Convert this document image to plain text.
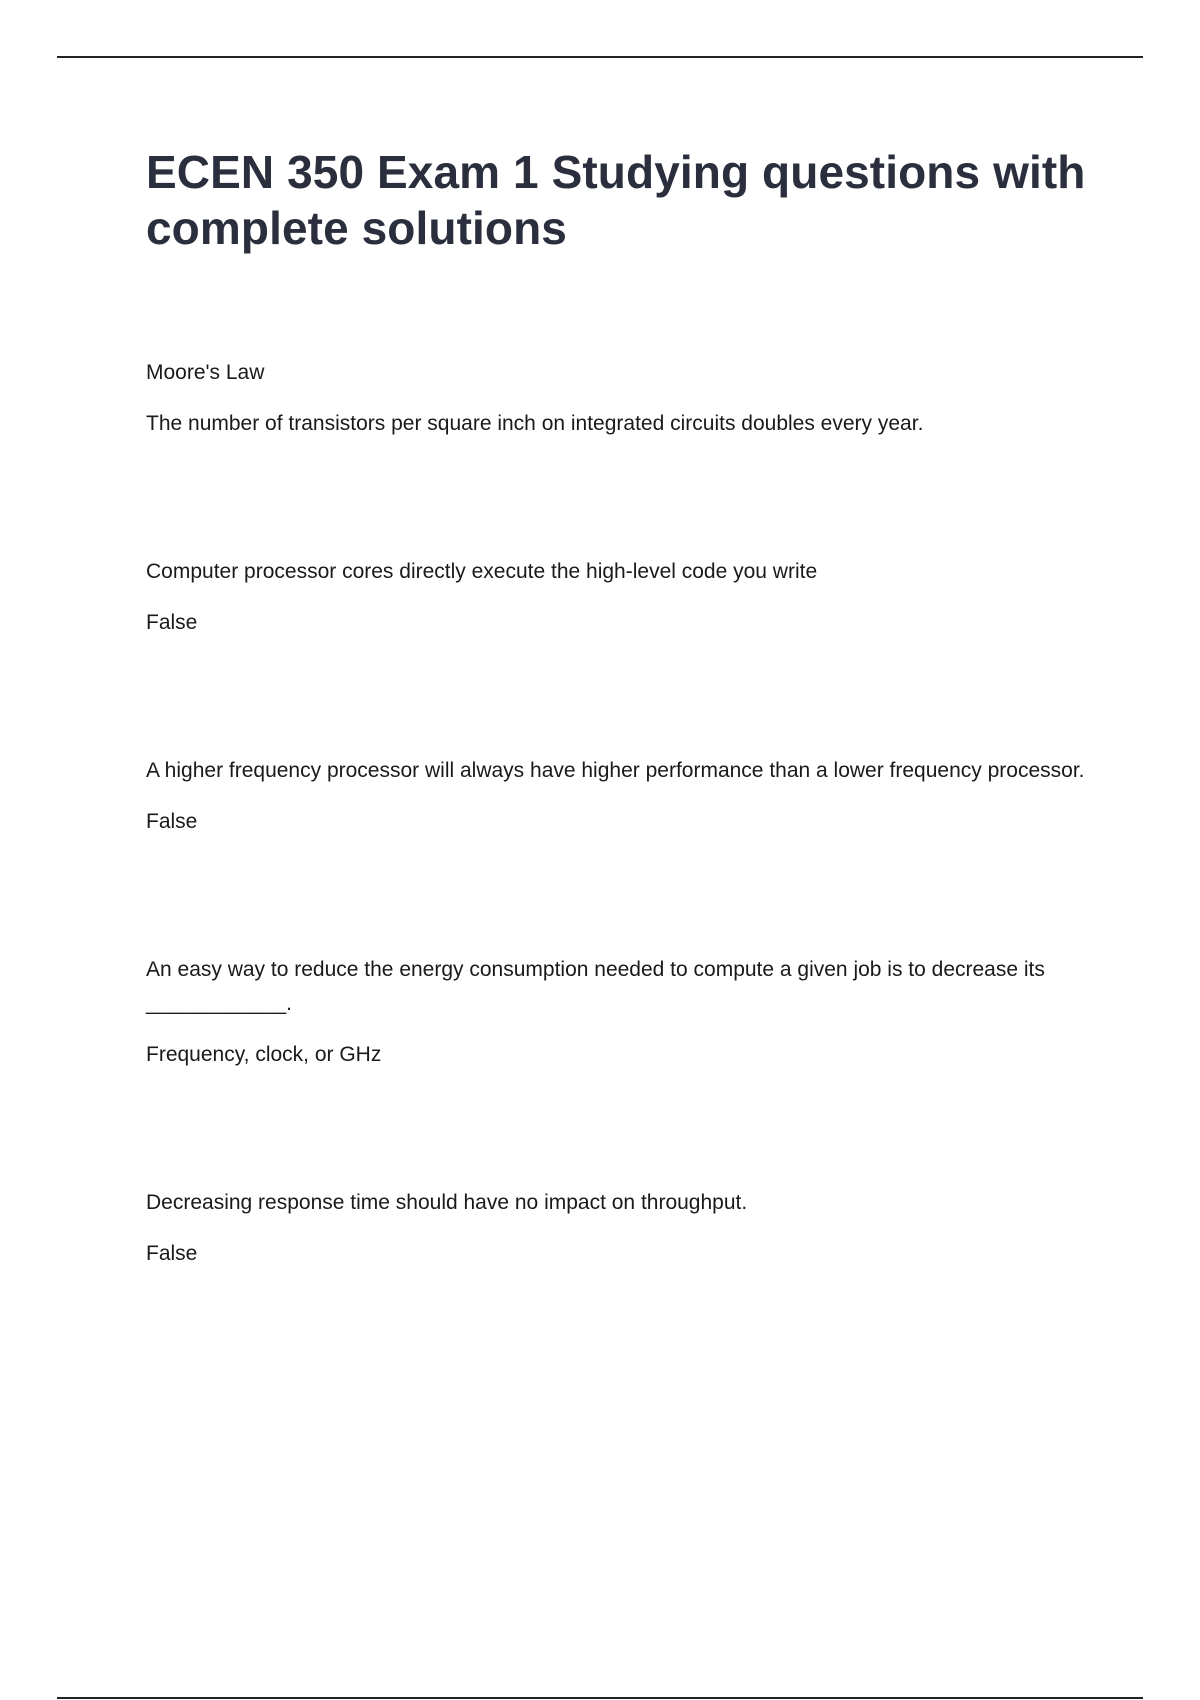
ECEN 350 Exam 1 Studying questions with complete solutions

Moore's Law

The number of transistors per square inch on integrated circuits doubles every year.

Computer processor cores directly execute the high-level code you write

False

A higher frequency processor will always have higher performance than a lower frequency processor.

False

An easy way to reduce the energy consumption needed to compute a given job is to decrease its ____________.

Frequency, clock, or GHz

Decreasing response time should have no impact on throughput.

False
